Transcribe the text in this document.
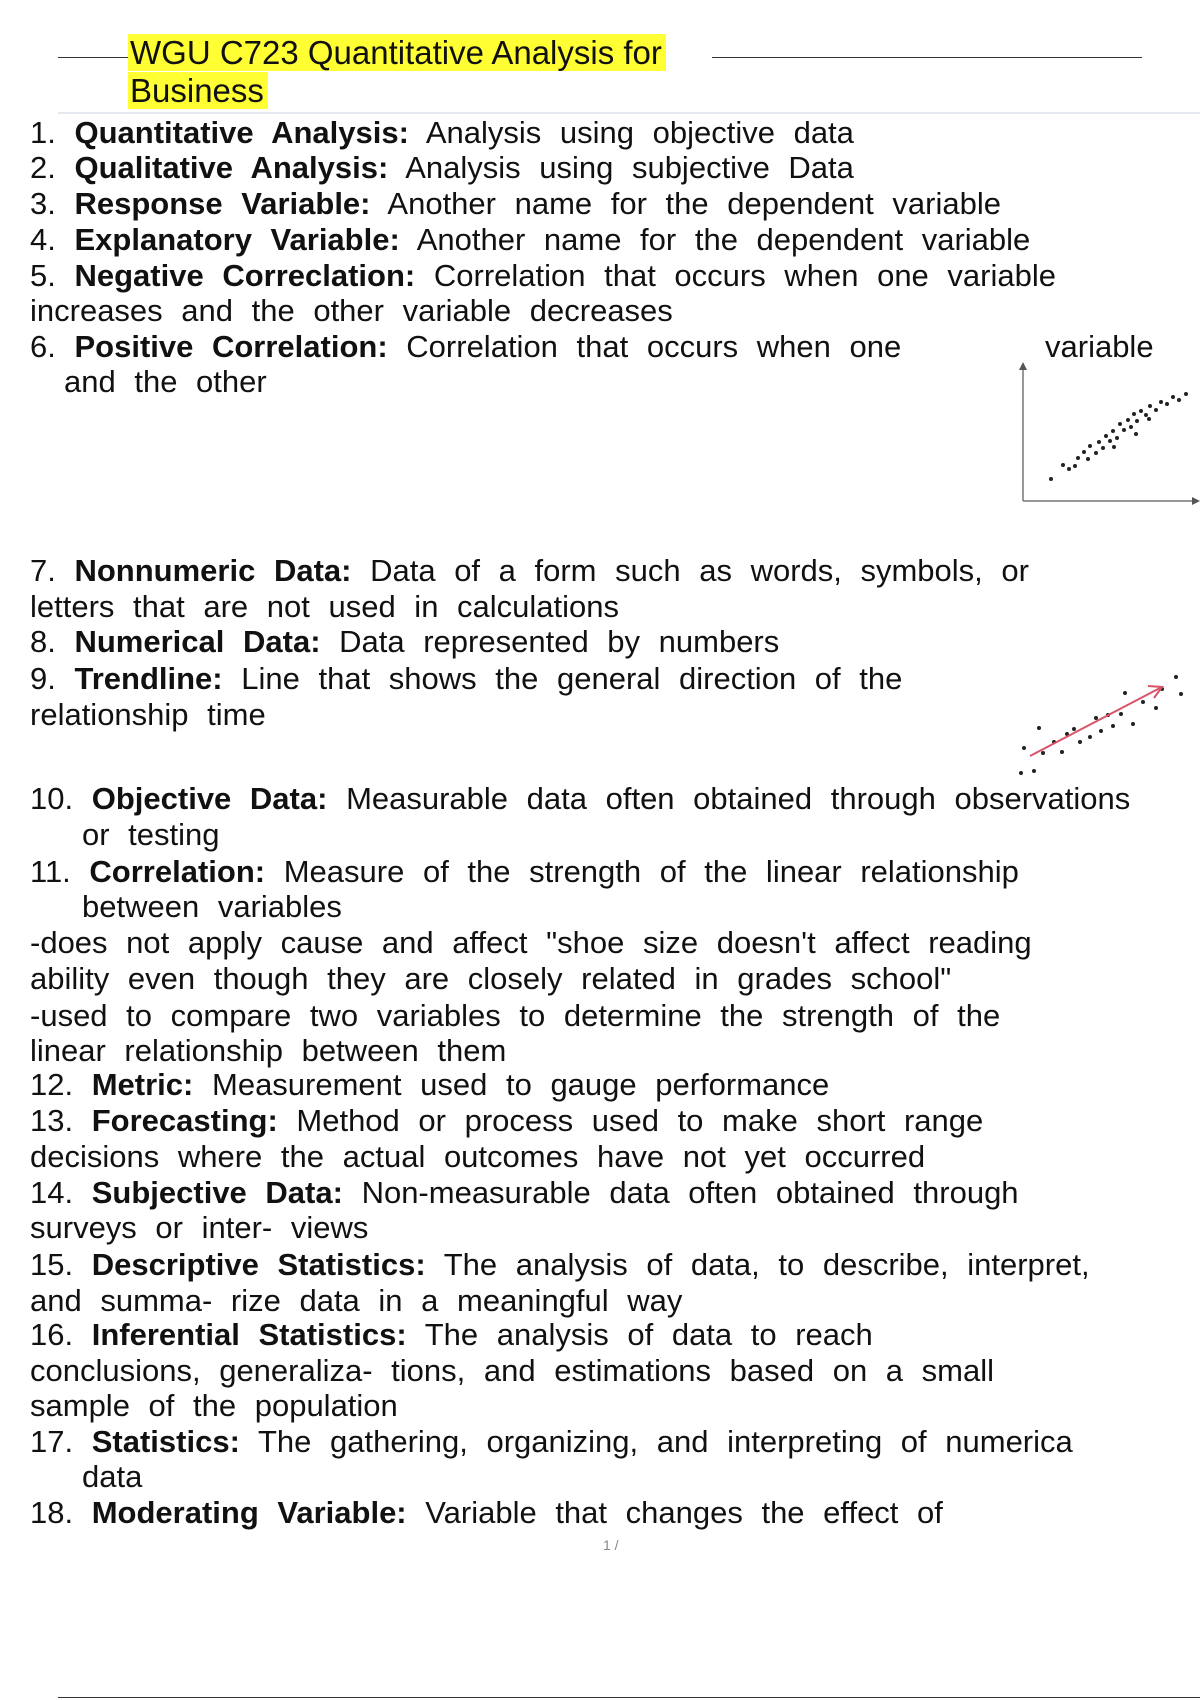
WGU C723 Quantitative Analysis for
Business
1. Quantitative Analysis: Analysis using objective data
2. Qualitative Analysis: Analysis using subjective Data
3. Response Variable: Another name for the dependent variable
4. Explanatory Variable: Another name for the dependent variable
5. Negative Correclation: Correlation that occurs when one variable
increases and the other variable decreases
6. Positive Correlation: Correlation that occurs when one	variable
and the other
7. Nonnumeric Data: Data of a form such as words, symbols, or
letters that are not used in calculations
8. Numerical Data: Data represented by numbers
9. Trendline: Line that shows the general direction of the
relationship time
10. Objective Data: Measurable data often obtained through observations
or testing
11. Correlation: Measure of the strength of the linear relationship
between variables
-does not apply cause and affect "shoe size doesn't affect reading
ability even though they are closely related in grades school"
-used to compare two variables to determine the strength of the
linear relationship between them
12. Metric: Measurement used to gauge performance
13. Forecasting: Method or process used to make short range
decisions where the actual outcomes have not yet occurred
14. Subjective Data: Non-measurable data often obtained through
surveys or inter- views
15. Descriptive Statistics: The analysis of data, to describe, interpret,
and summa- rize data in a meaningful way
16. Inferential Statistics: The analysis of data to reach
conclusions, generaliza- tions, and estimations based on a small
sample of the population
17. Statistics: The gathering, organizing, and interpreting of numerica
data
18. Moderating Variable: Variable that changes the effect of
1 /
